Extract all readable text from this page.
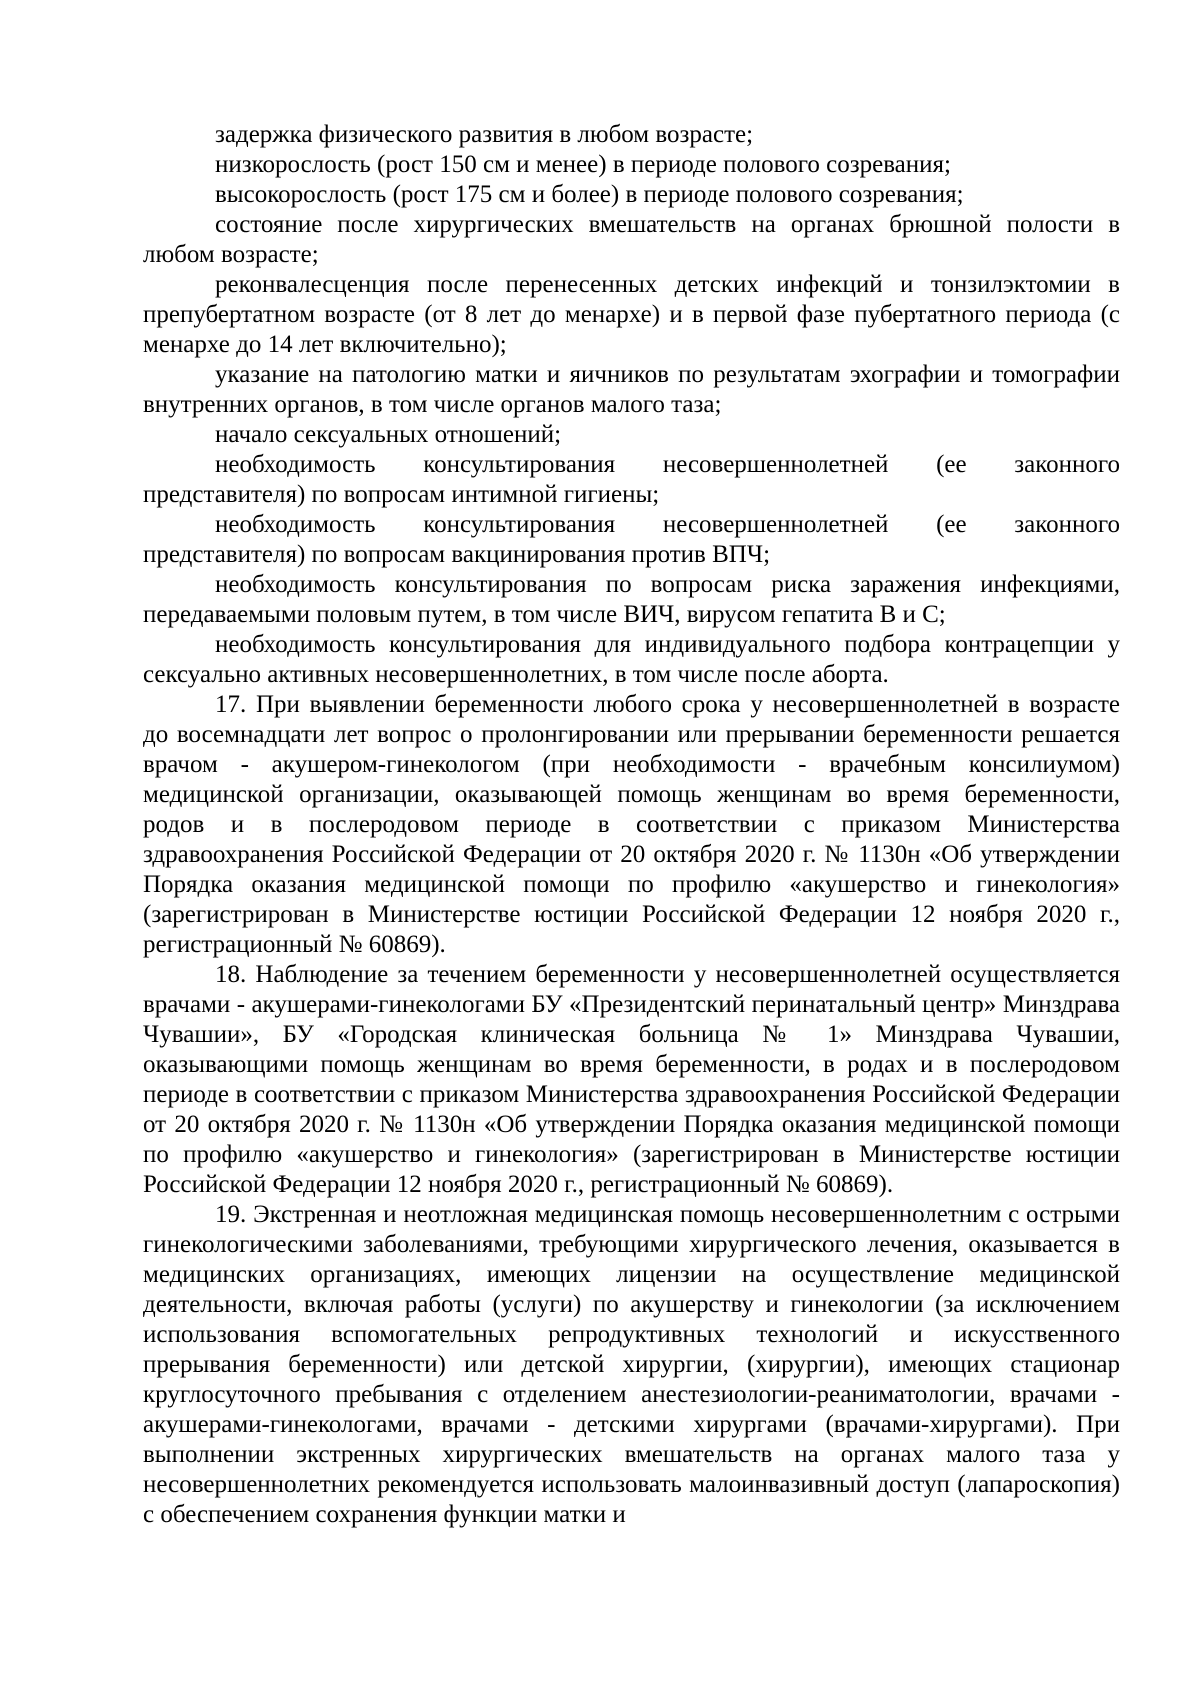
задержка физического развития в любом возрасте;

низкорослость (рост 150 см и менее) в периоде полового созревания;

высокорослость (рост 175 см и более) в периоде полового созревания;

состояние после хирургических вмешательств на органах брюшной полости в любом возрасте;

реконвалесценция после перенесенных детских инфекций и тонзилэктомии в препубертатном возрасте (от 8 лет до менархе) и в первой фазе пубертатного периода (с менархе до 14 лет включительно);

указание на патологию матки и яичников по результатам эхографии и томографии внутренних органов, в том числе органов малого таза;

начало сексуальных отношений;

необходимость консультирования несовершеннолетней (ее законного представителя) по вопросам интимной гигиены;

необходимость консультирования несовершеннолетней (ее законного представителя) по вопросам вакцинирования против ВПЧ;

необходимость консультирования по вопросам риска заражения инфекциями, передаваемыми половым путем, в том числе ВИЧ, вирусом гепатита В и С;

необходимость консультирования для индивидуального подбора контрацепции у сексуально активных несовершеннолетних, в том числе после аборта.

17. При выявлении беременности любого срока у несовершеннолетней в возрасте до восемнадцати лет вопрос о пролонгировании или прерывании беременности решается врачом - акушером-гинекологом (при необходимости - врачебным консилиумом) медицинской организации, оказывающей помощь женщинам во время беременности, родов и в послеродовом периоде в соответствии с приказом Министерства здравоохранения Российской Федерации от 20 октября 2020 г. № 1130н «Об утверждении Порядка оказания медицинской помощи по профилю «акушерство и гинекология» (зарегистрирован в Министерстве юстиции Российской Федерации 12 ноября 2020 г., регистрационный № 60869).

18. Наблюдение за течением беременности у несовершеннолетней осуществляется врачами - акушерами-гинекологами БУ «Президентский перинатальный центр» Минздрава Чувашии», БУ «Городская клиническая больница № 1» Минздрава Чувашии, оказывающими помощь женщинам во время беременности, в родах и в послеродовом периоде в соответствии с приказом Министерства здравоохранения Российской Федерации от 20 октября 2020 г. № 1130н «Об утверждении Порядка оказания медицинской помощи по профилю «акушерство и гинекология» (зарегистрирован в Министерстве юстиции Российской Федерации 12 ноября 2020 г., регистрационный № 60869).

19. Экстренная и неотложная медицинская помощь несовершеннолетним с острыми гинекологическими заболеваниями, требующими хирургического лечения, оказывается в медицинских организациях, имеющих лицензии на осуществление медицинской деятельности, включая работы (услуги) по акушерству и гинекологии (за исключением использования вспомогательных репродуктивных технологий и искусственного прерывания беременности) или детской хирургии, (хирургии), имеющих стационар круглосуточного пребывания с отделением анестезиологии-реаниматологии, врачами - акушерами-гинекологами, врачами - детскими хирургами (врачами-хирургами). При выполнении экстренных хирургических вмешательств на органах малого таза у несовершеннолетних рекомендуется использовать малоинвазивный доступ (лапароскопия) с обеспечением сохранения функции матки и
